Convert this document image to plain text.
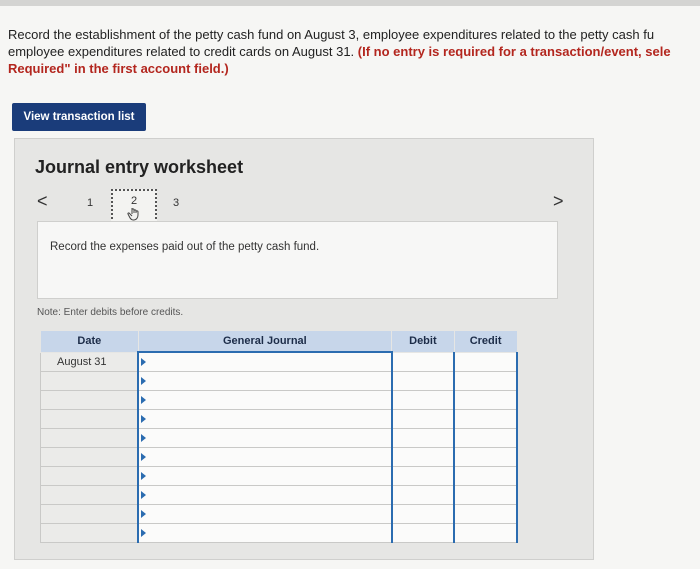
Record the establishment of the petty cash fund on August 3, employee expenditures related to the petty cash fu
employee expenditures related to credit cards on August 31. (If no entry is required for a transaction/event, sele
Required" in the first account field.)
View transaction list
Journal entry worksheet
<	1	2	3	>
Record the expenses paid out of the petty cash fund.
Note: Enter debits before credits.
Date	General Journal	Debit	Credit
August 31	
